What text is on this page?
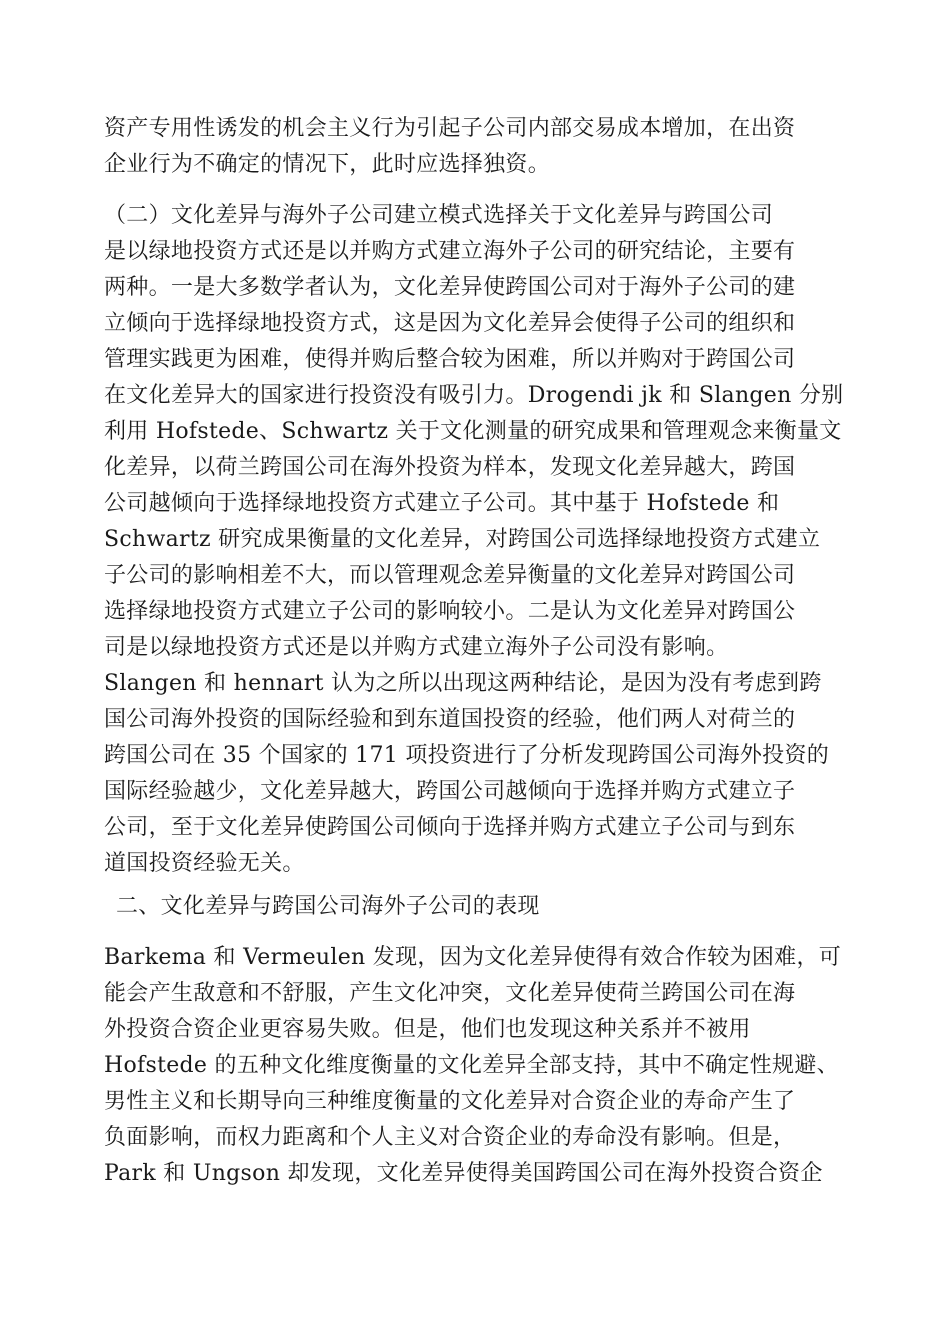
资产专用性诱发的机会主义行为引起子公司内部交易成本增加，在出资
企业行为不确定的情况下，此时应选择独资。
（二）文化差异与海外子公司建立模式选择关于文化差异与跨国公司
是以绿地投资方式还是以并购方式建立海外子公司的研究结论，主要有
两种。一是大多数学者认为，文化差异使跨国公司对于海外子公司的建
立倾向于选择绿地投资方式，这是因为文化差异会使得子公司的组织和
管理实践更为困难，使得并购后整合较为困难，所以并购对于跨国公司
在文化差异大的国家进行投资没有吸引力。Drogendi jk 和 Slangen 分别
利用 Hofstede、Schwartz 关于文化测量的研究成果和管理观念来衡量文
化差异，以荷兰跨国公司在海外投资为样本，发现文化差异越大，跨国
公司越倾向于选择绿地投资方式建立子公司。其中基于 Hofstede 和
Schwartz 研究成果衡量的文化差异，对跨国公司选择绿地投资方式建立
子公司的影响相差不大，而以管理观念差异衡量的文化差异对跨国公司
选择绿地投资方式建立子公司的影响较小。二是认为文化差异对跨国公
司是以绿地投资方式还是以并购方式建立海外子公司没有影响。
Slangen 和 hennart 认为之所以出现这两种结论，是因为没有考虑到跨
国公司海外投资的国际经验和到东道国投资的经验，他们两人对荷兰的
跨国公司在 35 个国家的 171 项投资进行了分析发现跨国公司海外投资的
国际经验越少，文化差异越大，跨国公司越倾向于选择并购方式建立子
公司，至于文化差异使跨国公司倾向于选择并购方式建立子公司与到东
道国投资经验无关。
二、文化差异与跨国公司海外子公司的表现
Barkema 和 Vermeulen 发现，因为文化差异使得有效合作较为困难，可
能会产生敌意和不舒服，产生文化冲突，文化差异使荷兰跨国公司在海
外投资合资企业更容易失败。但是，他们也发现这种关系并不被用
Hofstede 的五种文化维度衡量的文化差异全部支持，其中不确定性规避、
男性主义和长期导向三种维度衡量的文化差异对合资企业的寿命产生了
负面影响，而权力距离和个人主义对合资企业的寿命没有影响。但是，
Park 和 Ungson 却发现，文化差异使得美国跨国公司在海外投资合资企
